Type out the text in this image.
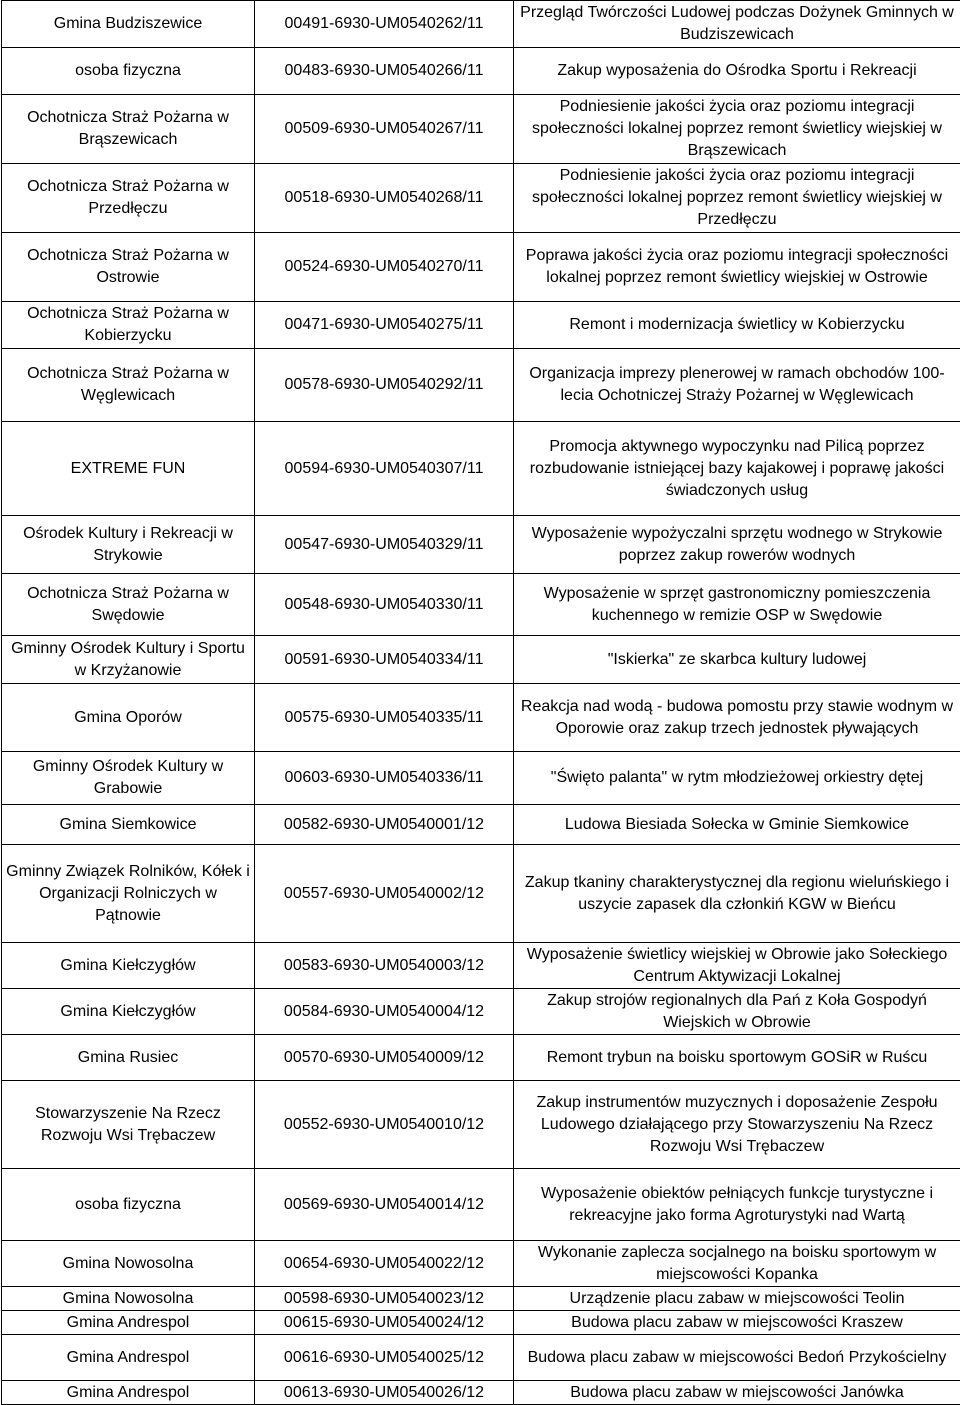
Gmina Budziszewice	00491-6930-UM0540262/11	Przegląd Twórczości Ludowej podczas Dożynek Gminnych w Budziszewicach
osoba fizyczna	00483-6930-UM0540266/11	Zakup wyposażenia do Ośrodka Sportu i Rekreacji
Ochotnicza Straż Pożarna w Brąszewicach	00509-6930-UM0540267/11	Podniesienie jakości życia oraz poziomu integracji społeczności lokalnej poprzez remont świetlicy wiejskiej w Brąszewicach
Ochotnicza Straż Pożarna w Przedłęczu	00518-6930-UM0540268/11	Podniesienie jakości życia oraz poziomu integracji społeczności lokalnej poprzez remont świetlicy wiejskiej w Przedłęczu
Ochotnicza Straż Pożarna w Ostrowie	00524-6930-UM0540270/11	Poprawa jakości życia oraz poziomu integracji społeczności lokalnej poprzez remont świetlicy wiejskiej w Ostrowie
Ochotnicza Straż Pożarna w Kobierzycku	00471-6930-UM0540275/11	Remont i modernizacja świetlicy w Kobierzycku
Ochotnicza Straż Pożarna w Węglewicach	00578-6930-UM0540292/11	Organizacja imprezy plenerowej w ramach obchodów 100-lecia Ochotniczej Straży Pożarnej w Węglewicach
EXTREME FUN	00594-6930-UM0540307/11	Promocja aktywnego wypoczynku nad Pilicą poprzez rozbudowanie istniejącej bazy kajakowej i poprawę jakości świadczonych usług
Ośrodek Kultury i Rekreacji w Strykowie	00547-6930-UM0540329/11	Wyposażenie wypożyczalni sprzętu wodnego w Strykowie poprzez zakup rowerów wodnych
Ochotnicza Straż Pożarna w Swędowie	00548-6930-UM0540330/11	Wyposażenie w sprzęt gastronomiczny pomieszczenia kuchennego w remizie OSP w Swędowie
Gminny Ośrodek Kultury i Sportu w Krzyżanowie	00591-6930-UM0540334/11	"Iskierka" ze skarbca kultury ludowej
Gmina Oporów	00575-6930-UM0540335/11	Reakcja nad wodą - budowa pomostu przy stawie wodnym w Oporowie oraz zakup trzech jednostek pływających
Gminny Ośrodek Kultury w Grabowie	00603-6930-UM0540336/11	"Święto palanta" w rytm młodzieżowej orkiestry dętej
Gmina Siemkowice	00582-6930-UM0540001/12	Ludowa Biesiada Sołecka w Gminie Siemkowice
Gminny Związek Rolników, Kółek i Organizacji Rolniczych w Pątnowie	00557-6930-UM0540002/12	Zakup tkaniny charakterystycznej dla regionu wieluńskiego i uszycie zapasek dla członkiń KGW w Bieńcu
Gmina Kiełczygłów	00583-6930-UM0540003/12	Wyposażenie świetlicy wiejskiej w Obrowie jako Sołeckiego Centrum Aktywizacji Lokalnej
Gmina Kiełczygłów	00584-6930-UM0540004/12	Zakup strojów regionalnych dla Pań z Koła Gospodyń Wiejskich w Obrowie
Gmina Rusiec	00570-6930-UM0540009/12	Remont trybun na boisku sportowym GOSiR w Ruścu
Stowarzyszenie Na Rzecz Rozwoju Wsi Trębaczew	00552-6930-UM0540010/12	Zakup instrumentów muzycznych i doposażenie Zespołu Ludowego działającego przy Stowarzyszeniu Na Rzecz Rozwoju Wsi Trębaczew
osoba fizyczna	00569-6930-UM0540014/12	Wyposażenie obiektów pełniących funkcje turystyczne i rekreacyjne jako forma Agroturystyki nad Wartą
Gmina Nowosolna	00654-6930-UM0540022/12	Wykonanie zaplecza socjalnego na boisku sportowym w miejscowości Kopanka
Gmina Nowosolna	00598-6930-UM0540023/12	Urządzenie placu zabaw w miejscowości Teolin
Gmina Andrespol	00615-6930-UM0540024/12	Budowa placu zabaw w miejscowości Kraszew
Gmina Andrespol	00616-6930-UM0540025/12	Budowa placu zabaw w miejscowości Bedoń Przykościelny
Gmina Andrespol	00613-6930-UM0540026/12	Budowa placu zabaw w miejscowości Janówka
